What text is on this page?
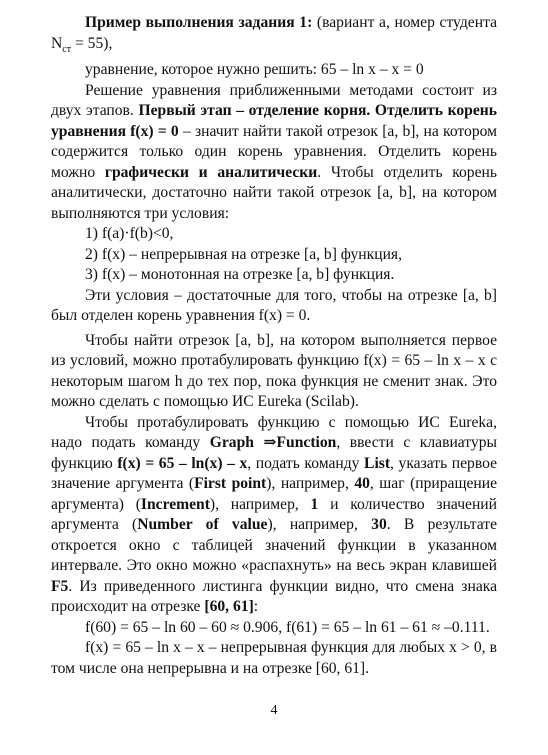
Пример выполнения задания 1: (вариант а, номер студента $N_{ст} = 55$),

уравнение, которое нужно решить: 65 – ln x – x = 0

Решение уравнения приближенными методами состоит из двух этапов. Первый этап – отделение корня. Отделить корень уравнения f(x) = 0 – значит найти такой отрезок [a, b], на котором содержится только один корень уравнения. Отделить корень можно графически и аналитически. Чтобы отделить корень аналитически, достаточно найти такой отрезок [a, b], на котором выполняются три условия:

1) f(a)·f(b)<0,

2) f(x) – непрерывная на отрезке [a, b] функция,

3) f(x) – монотонная на отрезке [a, b] функция.

Эти условия – достаточные для того, чтобы на отрезке [a, b] был отделен корень уравнения f(x) = 0.

Чтобы найти отрезок [a, b], на котором выполняется первое из условий, можно протабулировать функцию f(x) = 65 – ln x – x с некоторым шагом h до тех пор, пока функция не сменит знак. Это можно сделать с помощью ИС Eureka (Scilab).

Чтобы протабулировать функцию с помощью ИС Eureka, надо подать команду Graph ⇒Function, ввести с клавиатуры функцию f(x) = 65 – ln(x) – x, подать команду List, указать первое значение аргумента (First point), например, 40, шаг (приращение аргумента) (Increment), например, 1 и количество значений аргумента (Number of value), например, 30. В результате откроется окно с таблицей значений функции в указанном интервале. Это окно можно «распахнуть» на весь экран клавишей F5. Из приведенного листинга функции видно, что смена знака происходит на отрезке [60, 61]:

f(60) = 65 – ln 60 – 60 ≈ 0.906, f(61) = 65 – ln 61 – 61 ≈ –0.111.

f(x) = 65 – ln x – x – непрерывная функция для любых x > 0, в том числе она непрерывна и на отрезке [60, 61].

4
